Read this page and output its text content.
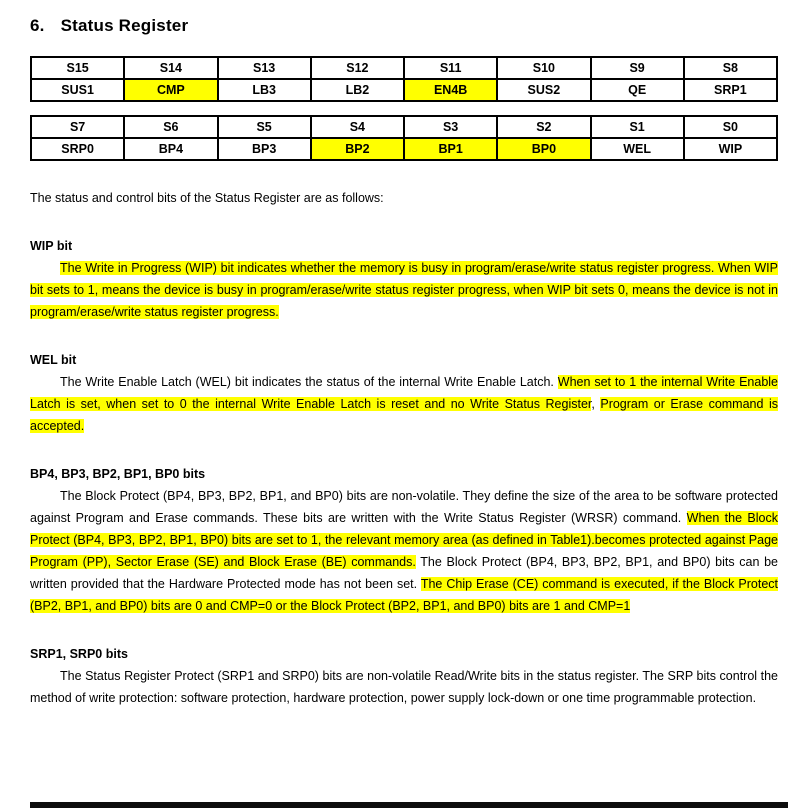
6. Status Register
S15	S14	S13	S12	S11	S10	S9	S8
SUS1	CMP	LB3	LB2	EN4B	SUS2	QE	SRP1
S7	S6	S5	S4	S3	S2	S1	S0
SRP0	BP4	BP3	BP2	BP1	BP0	WEL	WIP

The status and control bits of the Status Register are as follows:

WIP bit

The Write in Progress (WIP) bit indicates whether the memory is busy in program/erase/write status register progress. When WIP bit sets to 1, means the device is busy in program/erase/write status register progress, when WIP bit sets 0, means the device is not in program/erase/write status register progress.

WEL bit

The Write Enable Latch (WEL) bit indicates the status of the internal Write Enable Latch. When set to 1 the internal Write Enable Latch is set, when set to 0 the internal Write Enable Latch is reset and no Write Status Register, Program or Erase command is accepted.

BP4, BP3, BP2, BP1, BP0 bits

The Block Protect (BP4, BP3, BP2, BP1, and BP0) bits are non-volatile. They define the size of the area to be software protected against Program and Erase commands. These bits are written with the Write Status Register (WRSR) command. When the Block Protect (BP4, BP3, BP2, BP1, BP0) bits are set to 1, the relevant memory area (as defined in Table1).becomes protected against Page Program (PP), Sector Erase (SE) and Block Erase (BE) commands. The Block Protect (BP4, BP3, BP2, BP1, and BP0) bits can be written provided that the Hardware Protected mode has not been set. The Chip Erase (CE) command is executed, if the Block Protect (BP2, BP1, and BP0) bits are 0 and CMP=0 or the Block Protect (BP2, BP1, and BP0) bits are 1 and CMP=1

SRP1, SRP0 bits

The Status Register Protect (SRP1 and SRP0) bits are non-volatile Read/Write bits in the status register. The SRP bits control the method of write protection: software protection, hardware protection, power supply lock-down or one time programmable protection.
